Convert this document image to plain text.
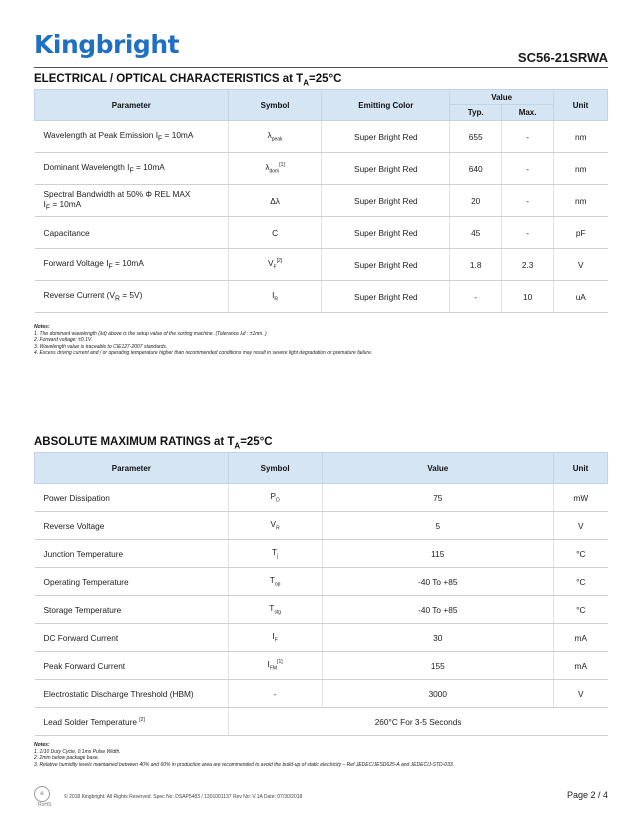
Kingbright	SC56-21SRWA
ELECTRICAL / OPTICAL CHARACTERISTICS at $T_A=25^\circ C$
Parameter	Symbol	Emitting Color	Value		Unit
			Typ.	Max.	
Wavelength at Peak Emission $I_F = 10mA$	$\lambda_{peak}$	Super Bright Red	655	-	nm
Dominant Wavelength $I_F = 10mA$	$\lambda_{dom}[1]$	Super Bright Red	640	-	nm
Spectral Bandwidth at 50% Φ REL MAX
$I_F = 10mA$	Δλ	Super Bright Red	20	-	nm
Capacitance	C	Super Bright Red	45	-	pF
Forward Voltage $I_F = 10mA$	$V_F[2]$	Super Bright Red	1.8	2.3	V
Reverse Current $(V_R = 5V)$	$I_R$	Super Bright Red	-	10	uA
Notes:
1. The dominant wavelength (λd) above is the setup value of the sorting machine. (Tolerance λd : ±1nm. )
2. Forward voltage: ±0.1V.
3. Wavelength value is traceable to CIE127-2007 standards.
4. Excess driving current and / or operating temperature higher than recommended conditions may result in severe light degradation or premature failure.
ABSOLUTE MAXIMUM RATINGS at $T_A=25^\circ C$
Parameter	Symbol	Value	Unit
Power Dissipation	$P_D$	75	mW
Reverse Voltage	$V_R$	5	V
Junction Temperature	$T_j$	115	°C
Operating Temperature	$T_{op}$	-40 To +85	°C
Storage Temperature	$T_{stg}$	-40 To +85	°C
DC Forward Current	$I_F$	30	mA
Peak Forward Current	$I_{FM}[1]$	155	mA
Electrostatic Discharge Threshold (HBM)	-	3000	V
Lead Solder Temperature [2]	260°C For 3-5 Seconds		
Notes:
1. 1/10 Duty Cycle, 0.1ms Pulse Width.
2. 2mm below package base.
3. Relative humidity levels maintained between 40% and 60% in production area are recommended to avoid the build-up of static electricity – Ref JEDEC/JESD625-A and JEDEC/J-STD-033.
e
RoHS
© 2018 Kingbright. All Rights Reserved. Spec No: DSAP5483 / 1301001137 Rev No: V.1A Date: 07/30/2018	Page 2 / 4
